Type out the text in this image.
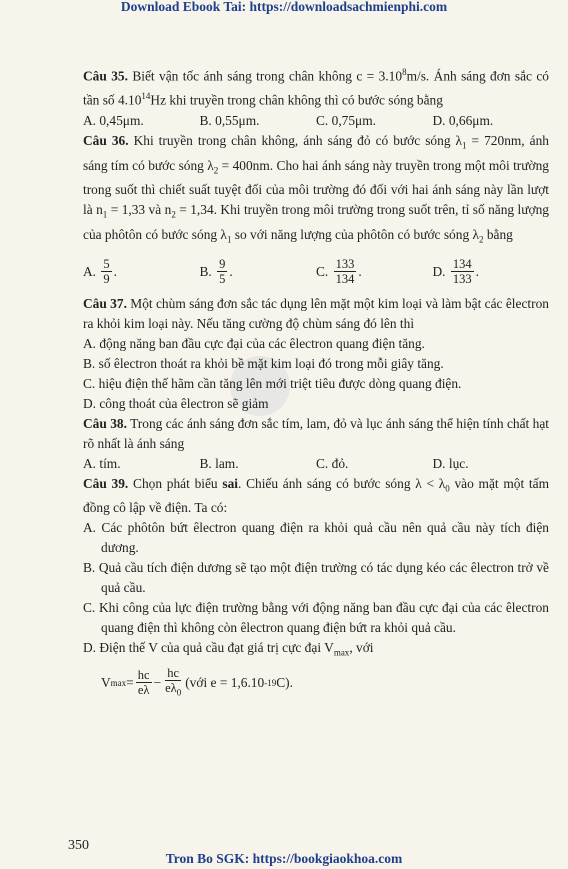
Download Ebook Tai: https://downloadsachmienphi.com

Câu 35. Biết vận tốc ánh sáng trong chân không $c = 3.10^8m/s$. Ánh sáng đơn sắc có tần số 4.10$^{14}$Hz khi truyền trong chân không thì có bước sóng bằng

A. 0,45μm.	B. 0,55μm.	C. 0,75μm.	D. 0,66μm.

Câu 36. Khi truyền trong chân không, ánh sáng đỏ có bước sóng $\lambda_1 = 720nm$, ánh sáng tím có bước sóng $\lambda_2 = 400nm$. Cho hai ánh sáng này truyền trong một môi trường trong suốt thì chiết suất tuyệt đối của môi trường đó đối với hai ánh sáng này lần lượt là $n_1 = 1,33$ và $n_2 = 1,34$. Khi truyền trong môi trường trong suốt trên, tỉ số năng lượng của phôtôn có bước sóng $\lambda_1$ so với năng lượng của phôtôn có bước sóng $\lambda_2$ bằng

A.
$\frac{5}{9}$ .	B.
$\frac{9}{5}$ .	C.
$\frac{133}{134}$ .	D.
$\frac{134}{133}$ .

Câu 37. Một chùm sáng đơn sắc tác dụng lên mặt một kim loại và làm bật các êlectron ra khỏi kim loại này. Nếu tăng cường độ chùm sáng đó lên thì

A. động năng ban đầu cực đại của các êlectron quang điện tăng.

B. số êlectron thoát ra khỏi bề mặt kim loại đó trong mỗi giây tăng.

C. hiệu điện thế hãm cần tăng lên mới triệt tiêu được dòng quang điện.

D. công thoát của êlectron sẽ giảm

Câu 38. Trong các ánh sáng đơn sắc tím, lam, đỏ và lục ánh sáng thể hiện tính chất hạt rõ nhất là ánh sáng

A. tím.	B. lam.	C. đỏ.	D. lục.

Câu 39. Chọn phát biểu sai. Chiếu ánh sáng có bước sóng $\lambda < \lambda_0$ vào mặt một tấm đồng cô lập về điện. Ta có:

A. Các phôtôn bứt êlectron quang điện ra khỏi quả cầu nên quả cầu này tích điện dương.

B. Quả cầu tích điện dương sẽ tạo một điện trường có tác dụng kéo các êlectron trở về quả cầu.

C. Khi công của lực điện trường bằng với động năng ban đầu cực đại của các êlectron quang điện thì không còn êlectron quang điện bứt ra khỏi quả cầu.

D. Điện thế V của quả cầu đạt giá trị cực đại $V_{max}$, với

V $\max = \frac{hc}{e\lambda} - \frac{hc}{e\lambda_0}$ (với e = 1,6.10 -19 C).
350
Tron Bo SGK: https://bookgiaokhoa.com
